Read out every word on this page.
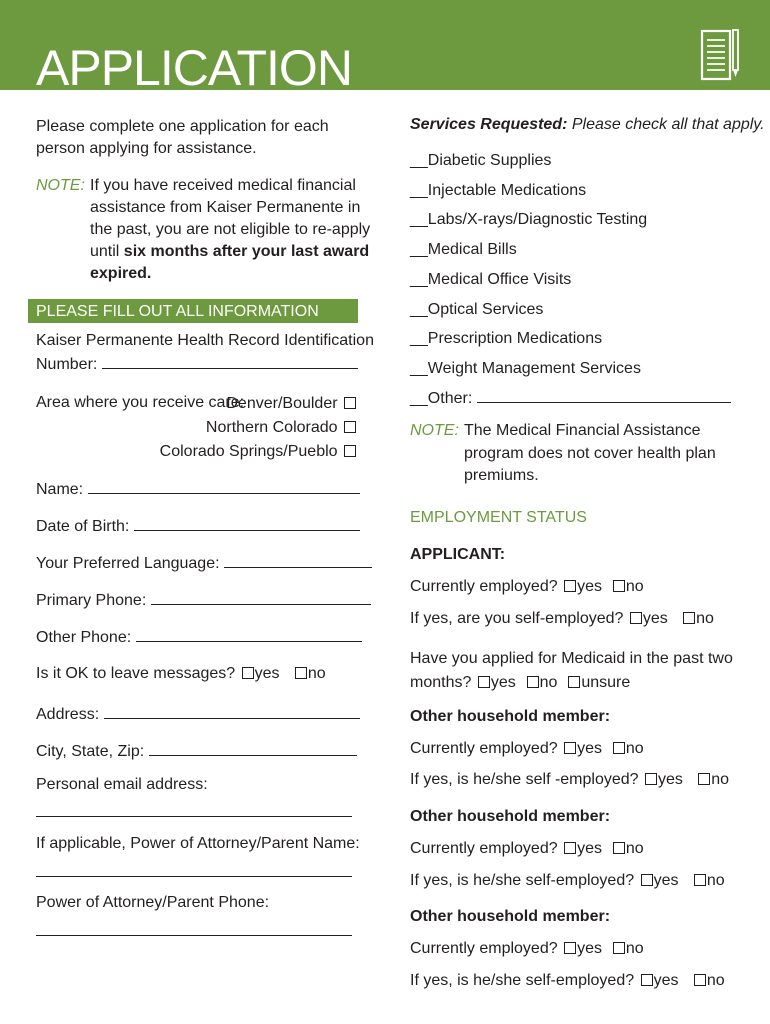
APPLICATION
Please complete one application for each person applying for assistance.
NOTE: If you have received medical financial
assistance from Kaiser Permanente in
the past, you are not eligible to re-apply
until six months after your last award
expired.
PLEASE FILL OUT ALL INFORMATION
Kaiser Permanente Health Record Identification
Number:
Area where you receive care:
Denver/Boulder
Northern Colorado
Colorado Springs/Pueblo
Name:
Date of Birth:
Your Preferred Language:
Primary Phone:
Other Phone:
Is it OK to leave messages? yes no
Address:
City, State, Zip:
Personal email address:
If applicable, Power of Attorney/Parent Name:
Power of Attorney/Parent Phone:
Services Requested: Please check all that apply.
__Diabetic Supplies
__Injectable Medications
__Labs/X-rays/Diagnostic Testing
__Medical Bills
__Medical Office Visits
__Optical Services
__Prescription Medications
__Weight Management Services
__Other:
NOTE: The Medical Financial Assistance
program does not cover health plan
premiums.
EMPLOYMENT STATUS
APPLICANT:
Currently employed? yes no
If yes, are you self-employed? yes no
Have you applied for Medicaid in the past two
months? yes no unsure
Other household member:
Currently employed? yes no
If yes, is he/she self -employed? yes no
Other household member:
Currently employed? yes no
If yes, is he/she self-employed? yes no
Other household member:
Currently employed? yes no
If yes, is he/she self-employed? yes no
